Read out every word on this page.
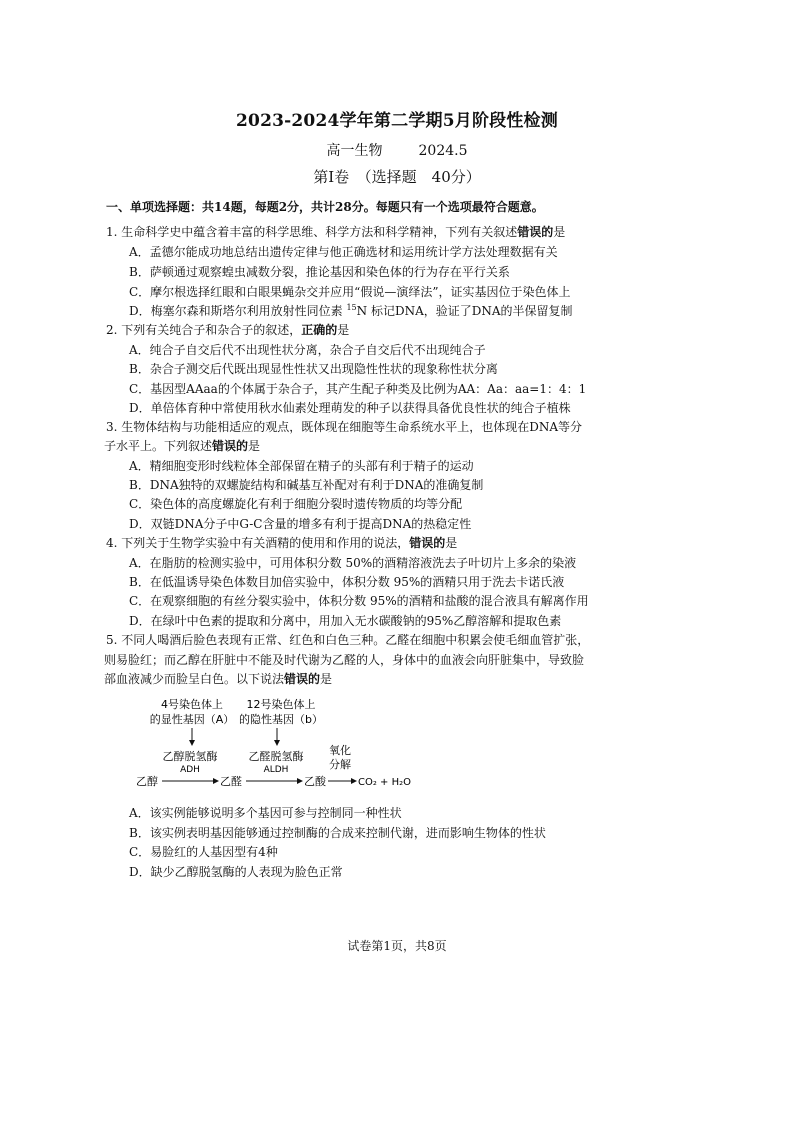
2023-2024学年第二学期5月阶段性检测
高一生物	2024.5
第Ⅰ卷　（选择题　40分）
一、单项选择题：共14题，每题2分，共计28分。每题只有一个选项最符合题意。
1. 生命科学史中蕴含着丰富的科学思维、科学方法和科学精神，下列有关叙述错误的是
A．孟德尔能成功地总结出遗传定律与他正确选材和运用统计学方法处理数据有关
B．萨顿通过观察蝗虫减数分裂，推论基因和染色体的行为存在平行关系
C．摩尔根选择红眼和白眼果蝇杂交并应用“假说—演绎法”，证实基因位于染色体上
D．梅塞尔森和斯塔尔利用放射性同位素 $^{15}$N 标记DNA，验证了DNA的半保留复制
2. 下列有关纯合子和杂合子的叙述，正确的是
A．纯合子自交后代不出现性状分离，杂合子自交后代不出现纯合子
B．杂合子测交后代既出现显性性状又出现隐性性状的现象称性状分离
C．基因型AAaa的个体属于杂合子，其产生配子种类及比例为AA：Aa：aa=1：4：1
D．单倍体育种中常使用秋水仙素处理萌发的种子以获得具备优良性状的纯合子植株
3. 生物体结构与功能相适应的观点，既体现在细胞等生命系统水平上，也体现在DNA等分
子水平上。下列叙述错误的是
A．精细胞变形时线粒体全部保留在精子的头部有利于精子的运动
B．DNA独特的双螺旋结构和碱基互补配对有利于DNA的准确复制
C．染色体的高度螺旋化有利于细胞分裂时遗传物质的均等分配
D．双链DNA分子中G-C含量的增多有利于提高DNA的热稳定性
4. 下列关于生物学实验中有关酒精的使用和作用的说法，错误的是
A．在脂肪的检测实验中，可用体积分数 50%的酒精溶液洗去子叶切片上多余的染液
B．在低温诱导染色体数目加倍实验中，体积分数 95%的酒精只用于洗去卡诺氏液
C．在观察细胞的有丝分裂实验中，体积分数 95%的酒精和盐酸的混合液具有解离作用
D．在绿叶中色素的提取和分离中，用加入无水碳酸钠的95%乙醇溶解和提取色素
5. 不同人喝酒后脸色表现有正常、红色和白色三种。乙醛在细胞中积累会使毛细血管扩张，
则易脸红；而乙醇在肝脏中不能及时代谢为乙醛的人，身体中的血液会向肝脏集中，导致脸
部血液减少而脸呈白色。以下说法错误的是
4号染色体上
的显性基因（A）
12号染色体上
的隐性基因（b）
乙醇脱氢酶
ADH
乙醛脱氢酶
ALDH
氧化
分解
乙醇	乙醛	乙酸	CO₂ + H₂O
A．该实例能够说明多个基因可参与控制同一种性状
B．该实例表明基因能够通过控制酶的合成来控制代谢，进而影响生物体的性状
C．易脸红的人基因型有4种
D．缺少乙醇脱氢酶的人表现为脸色正常
试卷第1页，共8页
